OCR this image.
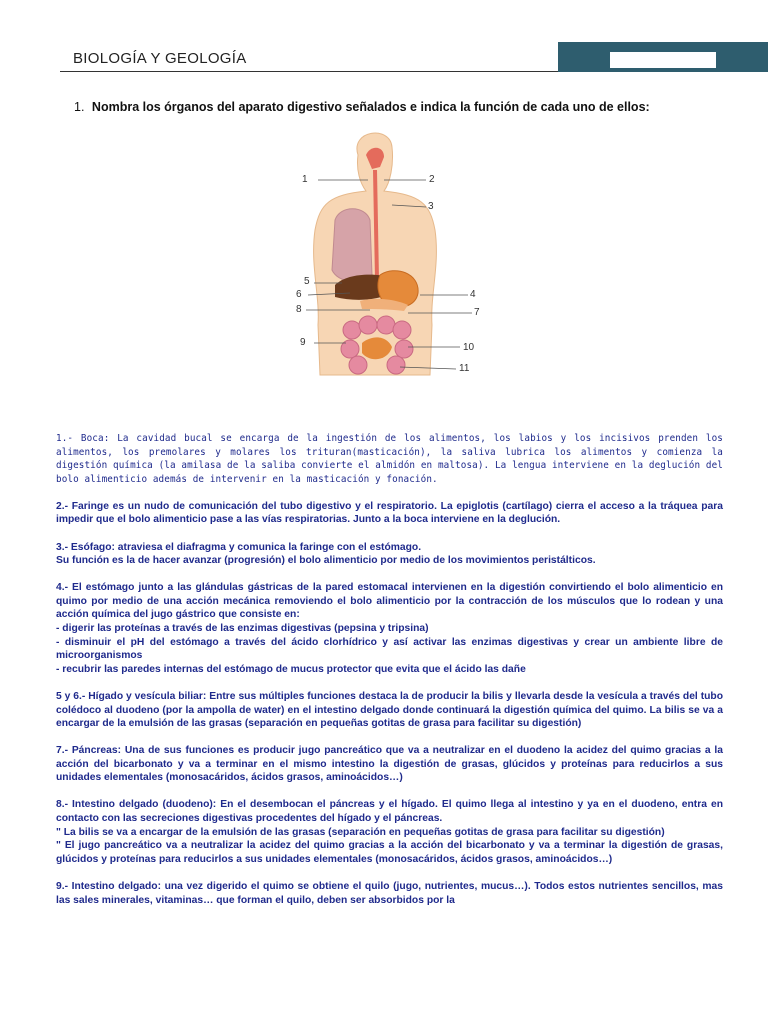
BIOLOGÍA Y GEOLOGÍA
1. Nombra los órganos del aparato digestivo señalados e indica la función de cada uno de ellos:
1	2
3
4
5
6
7
8
9	10
11

1.- Boca: La cavidad bucal se encarga de la ingestión de los alimentos, los labios y los incisivos prenden los alimentos, los premolares y molares los trituran(masticación), la saliva lubrica los alimentos y comienza la digestión química (la amilasa de la saliba convierte el almidón en maltosa). La lengua interviene en la deglución del bolo alimenticio además de intervenir en la masticación y fonación.

2.- Faringe es un nudo de comunicación del tubo digestivo y el respiratorio. La epiglotis (cartílago) cierra el acceso a la tráquea para impedir que el bolo alimenticio pase a las vías respiratorias. Junto a la boca interviene en la deglución.

3.- Esófago: atraviesa el diafragma y comunica la faringe con el estómago.
Su función es la de hacer avanzar (progresión) el bolo alimenticio por medio de los movimientos peristálticos.

4.- El estómago junto a las glándulas gástricas de la pared estomacal intervienen en la digestión convirtiendo el bolo alimenticio en quimo por medio de una acción mecánica removiendo el bolo alimenticio por la contracción de los músculos que lo rodean y una acción química del jugo gástrico que consiste en:
- digerir las proteínas a través de las enzimas digestivas (pepsina y tripsina)
- disminuir el pH del estómago a través del ácido clorhídrico y así activar las enzimas digestivas y crear un ambiente libre de microorganismos
- recubrir las paredes internas del estómago de mucus protector que evita que el ácido las dañe

5 y 6.- Hígado y vesícula biliar: Entre sus múltiples funciones destaca la de producir la bilis y llevarla desde la vesícula a través del tubo colédoco al duodeno (por la ampolla de water) en el intestino delgado donde continuará la digestión química del quimo. La bilis se va a encargar de la emulsión de las grasas (separación en pequeñas gotitas de grasa para facilitar su digestión)

7.- Páncreas: Una de sus funciones es producir jugo pancreático que va a neutralizar en el duodeno la acidez del quimo gracias a la acción del bicarbonato y va a terminar en el mismo intestino la digestión de grasas, glúcidos y proteínas para reducirlos a sus unidades elementales (monosacáridos, ácidos grasos, aminoácidos…)

8.- Intestino delgado (duodeno): En el desembocan el páncreas y el hígado. El quimo llega al intestino y ya en el duodeno, entra en contacto con las secreciones digestivas procedentes del hígado y el páncreas.
" La bilis se va a encargar de la emulsión de las grasas (separación en pequeñas gotitas de grasa para facilitar su digestión)
" El jugo pancreático va a neutralizar la acidez del quimo gracias a la acción del bicarbonato y va a terminar la digestión de grasas, glúcidos y proteínas para reducirlos a sus unidades elementales (monosacáridos, ácidos grasos, aminoácidos…)

9.- Intestino delgado: una vez digerido el quimo se obtiene el quilo (jugo, nutrientes, mucus…). Todos estos nutrientes sencillos, mas las sales minerales, vitaminas… que forman el quilo, deben ser absorbidos por la
